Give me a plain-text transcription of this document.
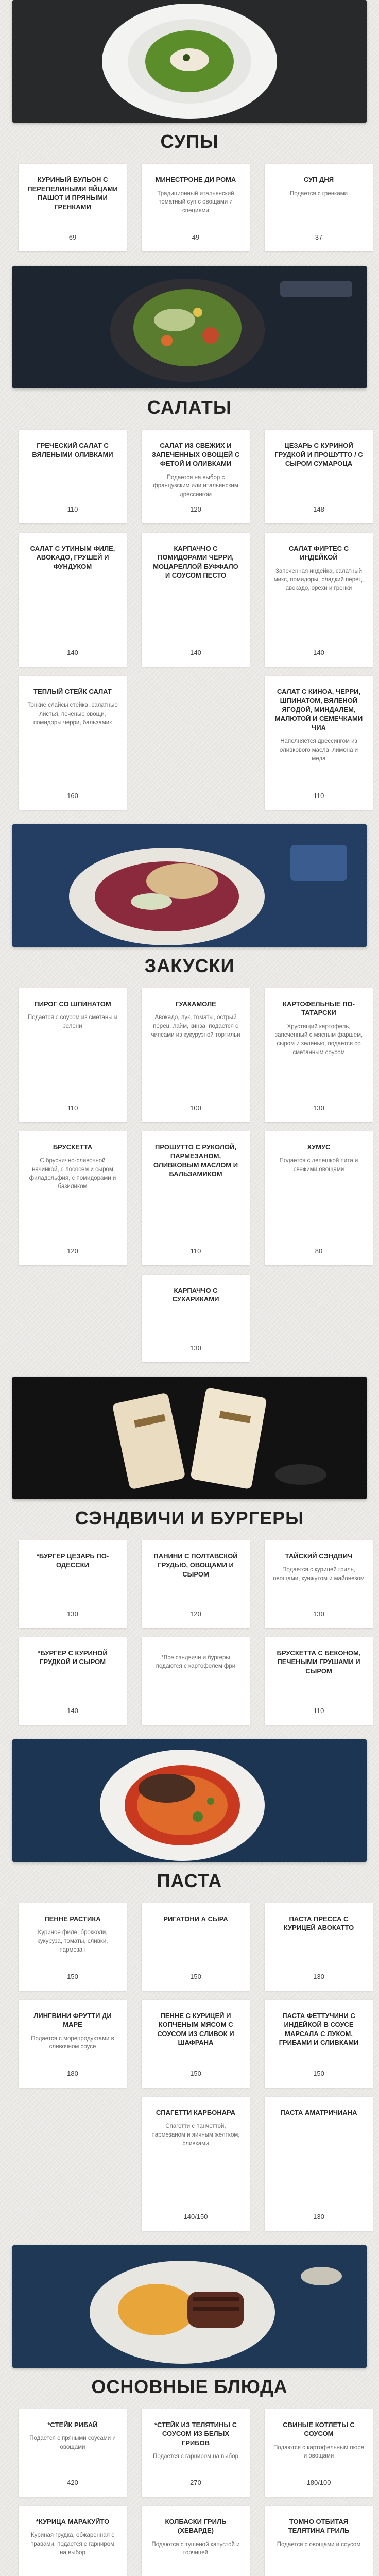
СУПЫ
КУРИНЫЙ БУЛЬОН С ПЕРЕПЕЛИНЫМИ ЯЙЦАМИ ПАШОТ И ПРЯНЫМИ ГРЕНКАМИ
69
МИНЕСТРОНЕ ДИ РОМА
Традиционный итальянский томатный суп с овощами и специями
49
СУП ДНЯ
Подается с гренками
37
САЛАТЫ
ГРЕЧЕСКИЙ САЛАТ С ВЯЛЕНЫМИ ОЛИВКАМИ
110
САЛАТ ИЗ СВЕЖИХ И ЗАПЕЧЕННЫХ ОВОЩЕЙ С ФЕТОЙ И ОЛИВКАМИ
Подается на выбор с французским или итальянским дрессингом
120
ЦЕЗАРЬ С КУРИНОЙ ГРУДКОЙ И ПРОШУТТО / С СЫРОМ СУМАРОЦА
148
САЛАТ С УТИНЫМ ФИЛЕ, АВОКАДО, ГРУШЕЙ И ФУНДУКОМ
140
КАРПАЧЧО С ПОМИДОРАМИ ЧЕРРИ, МОЦАРЕЛЛОЙ БУФФАЛО И СОУСОМ ПЕСТО
140
САЛАТ ФИРТЕС С ИНДЕЙКОЙ
Запеченная индейка, салатный микс, помидоры, сладкий перец, авокадо, орехи и гренки
140
ТЕПЛЫЙ СТЕЙК САЛАТ
Тонкие слайсы стейка, салатные листья, печеные овощи, помидоры черри, бальзамик
160
САЛАТ С КИНОА, ЧЕРРИ, ШПИНАТОМ, ВЯЛЕНОЙ ЯГОДОЙ, МИНДАЛЕМ, МАЛЮТОЙ И СЕМЕЧКАМИ ЧИА
Наполняется дрессингом из оливкового масла, лимона и меда
110
ЗАКУСКИ
ПИРОГ СО ШПИНАТОМ
Подается с соусом из сметаны и зелени
110
ГУАКАМОЛЕ
Авокадо, лук, томаты, острый перец, лайм, кинза, подается с чипсами из кукурузной тортильи
100
КАРТОФЕЛЬНЫЕ ПО-ТАТАРСКИ
Хрустящий картофель, запеченный с мясным фаршем, сыром и зеленью, подается со сметанным соусом
130
БРУСКЕТТА
С бруснично-сливочной начинкой, с лососем и сыром филадельфия, с помидорами и базиликом
120
ПРОШУТТО С РУКОЛОЙ, ПАРМЕЗАНОМ, ОЛИВКОВЫМ МАСЛОМ И БАЛЬЗАМИКОМ
110
ХУМУС
Подается с лепешкой пита и свежими овощами
80
КАРПАЧЧО С СУХАРИКАМИ
130
СЭНДВИЧИ И БУРГЕРЫ
*БУРГЕР ЦЕЗАРЬ ПО-ОДЕССКИ
130
ПАНИНИ С ПОЛТАВСКОЙ ГРУДЬЮ, ОВОЩАМИ И СЫРОМ
120
ТАЙСКИЙ СЭНДВИЧ
Подается с курицей гриль, овощами, кунжутом и майонезом
130
*БУРГЕР С КУРИНОЙ ГРУДКОЙ И СЫРОМ
140
*Все сэндвичи и бургеры подаются с картофелем фри
БРУСКЕТТА С БЕКОНОМ, ПЕЧЕНЫМИ ГРУШАМИ И СЫРОМ
110
ПАСТА
ПЕННЕ РАСТИКА
Куриное филе, брокколи, кукуруза, томаты, сливки, пармезан
150
РИГАТОНИ А СЫРА
150
ПАСТА ПРЕССА С КУРИЦЕЙ АВОКАТТО
130
ЛИНГВИНИ ФРУТТИ ДИ МАРЕ
Подается с морепродуктами в сливочном соусе
180
ПЕННЕ С КУРИЦЕЙ И КОПЧЕНЫМ МЯСОМ С СОУСОМ ИЗ СЛИВОК И ШАФРАНА
150
ПАСТА ФЕТТУЧИНИ С ИНДЕЙКОЙ В СОУСЕ МАРСАЛА С ЛУКОМ, ГРИБАМИ И СЛИВКАМИ
150
СПАГЕТТИ КАРБОНАРА
Спагетти с панчеттой, пармезаном и яичным желтком, сливками
140/150
ПАСТА АМАТРИЧИАНА
130
ОСНОВНЫЕ БЛЮДА
*СТЕЙК РИБАЙ
Подается с пряными соусами и овощами
420
*СТЕЙК ИЗ ТЕЛЯТИНЫ С СОУСОМ ИЗ БЕЛЫХ ГРИБОВ
Подается с гарниром на выбор
270
СВИНЫЕ КОТЛЕТЫ С СОУСОМ
Подаются с картофельным пюре и овощами
180/100
*КУРИЦА МАРАКУЙТО
Куриная грудка, обжаренная с травами, подается с гарниром на выбор
КОЛБАСКИ ГРИЛЬ (ХЕВАРДЕ)
Подаются с тушеной капустой и горчицей
ТОМНО ОТБИТАЯ ТЕЛЯТИНА ГРИЛЬ
Подается с овощами и соусом
